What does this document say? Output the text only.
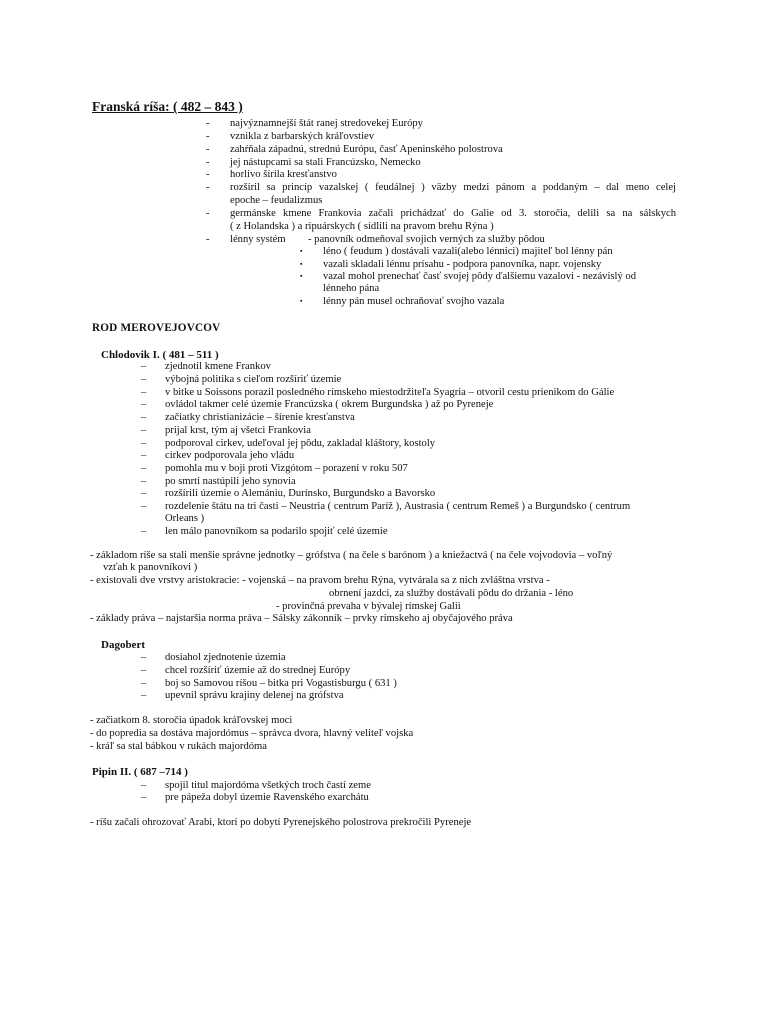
Franská ríša: ( 482 – 843 )
- najvýznamnejší štát ranej stredovekej Európy
- vznikla z barbarských kráľovstiev
- zahŕňala západnú, strednú Európu, časť Apeninského polostrova
- jej nástupcami sa stali Francúzsko, Nemecko
- horlivo šírila kresťanstvo
- rozšíril sa princíp vazalskej ( feudálnej ) väzby medzi pánom a poddaným – dal meno celej
epoche – feudalizmus
- germánske kmene Frankovia začali prichádzať do Galie od 3. storočia, delili sa na sálskych
( z Holandska ) a ripuárskych ( sídlili na pravom brehu Rýna )
- lénny systém - panovník odmeňoval svojich verných za služby pôdou
▪ léno ( feudum ) dostávali vazali(alebo lénnici) majiteľ bol lénny pán
▪ vazali skladali lénnu prísahu - podpora panovníka, napr. vojensky
▪ vazal mohol prenechať časť svojej pôdy ďalšiemu vazalovi - nezávislý od
lénneho pána
▪ lénny pán musel ochraňovať svojho vazala
ROD MEROVEJOVCOV
Chlodovik I. ( 481 – 511 )
– zjednotil kmene Frankov
– výbojná politika s cieľom rozšíriť územie
– v bitke u Soissons porazil posledného rímskeho miestodržiteľa Syagria – otvoril cestu prienikom do Gálie
– ovládol takmer celé územie Francúzska ( okrem Burgundska ) až po Pyreneje
– začiatky christianizácie – šírenie kresťanstva
– prijal krst, tým aj všetci Frankovia
– podporoval cirkev, udeľoval jej pôdu, zakladal kláštory, kostoly
– cirkev podporovala jeho vládu
– pomohla mu v boji proti Vizgótom – porazení v roku 507
– po smrti nastúpili jeho synovia
– rozšírili územie o Alemániu, Durínsko, Burgundsko a Bavorsko
– rozdelenie štátu na tri časti – Neustria ( centrum Paríž ), Austrasia ( centrum Remeš ) a Burgundsko ( centrum
Orleans )
– len málo panovníkom sa podarilo spojiť celé územie
- základom ríše sa stali menšie správne jednotky – grófstva ( na čele s barónom ) a kniežactvá ( na čele vojvodovia – voľný
vzťah k panovníkovi )
- existovali dve vrstvy aristokracie: - vojenská – na pravom brehu Rýna, vytvárala sa z nich zvláštna vrstva -
obrnení jazdci, za služby dostávali pôdu do držania - léno
- provinčná prevaha v bývalej rímskej Galii
- základy práva – najstaršia norma práva – Sálsky zákonník – prvky rímskeho aj obyčajového práva
Dagobert
– dosiahol zjednotenie územia
– chcel rozšíriť územie až do strednej Európy
– boj so Samovou ríšou – bitka pri Vogastisburgu ( 631 )
– upevnil správu krajiny delenej na grófstva
- začiatkom 8. storočia úpadok kráľovskej moci
- do popredia sa dostáva majordómus – správca dvora, hlavný veliteľ vojska
- kráľ sa stal bábkou v rukách majordóma
Pipin II. ( 687 –714 )
– spojil titul majordóma všetkých troch častí zeme
– pre pápeža dobyl územie Ravenského exarchátu
- ríšu začali ohrozovať Arabi, ktorí po dobytí Pyrenejského polostrova prekročili Pyreneje
